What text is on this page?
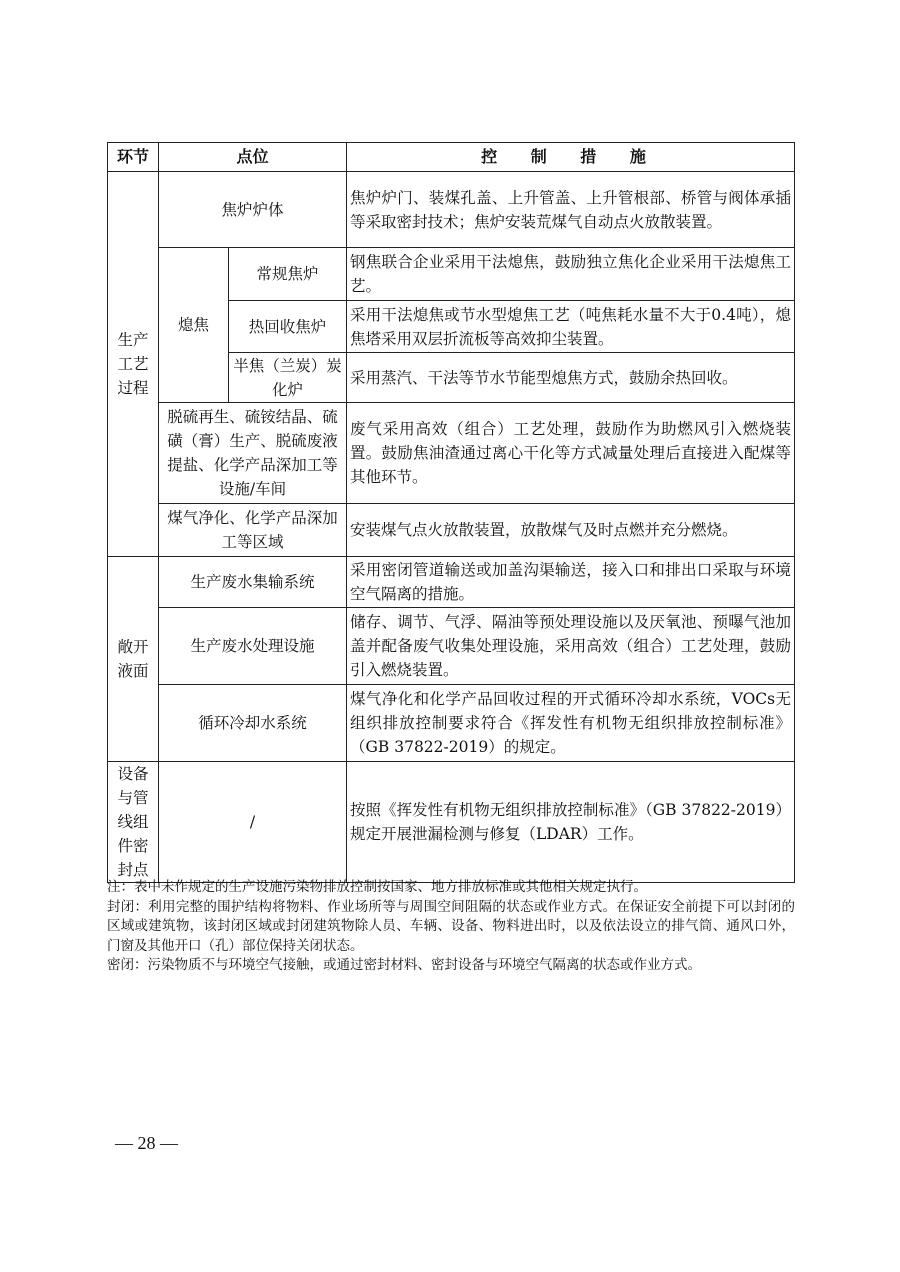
环节	点位		控 制 措 施
生产工艺过程	焦炉炉体		焦炉炉门、装煤孔盖、上升管盖、上升管根部、桥管与阀体承插等采取密封技术；焦炉安装荒煤气自动点火放散装置。
	熄焦	常规焦炉	钢焦联合企业采用干法熄焦，鼓励独立焦化企业采用干法熄焦工艺。
		热回收焦炉	采用干法熄焦或节水型熄焦工艺（吨焦耗水量不大于0.4吨），熄焦塔采用双层折流板等高效抑尘装置。
		半焦（兰炭）炭化炉	采用蒸汽、干法等节水节能型熄焦方式，鼓励余热回收。
	脱硫再生、硫铵结晶、硫磺（膏）生产、脱硫废液提盐、化学产品深加工等设施/车间		废气采用高效（组合）工艺处理，鼓励作为助燃风引入燃烧装置。鼓励焦油渣通过离心干化等方式减量处理后直接进入配煤等其他环节。
	煤气净化、化学产品深加工等区域		安装煤气点火放散装置，放散煤气及时点燃并充分燃烧。
敞开液面	生产废水集输系统		采用密闭管道输送或加盖沟渠输送，接入口和排出口采取与环境空气隔离的措施。
	生产废水处理设施		储存、调节、气浮、隔油等预处理设施以及厌氧池、预曝气池加盖并配备废气收集处理设施，采用高效（组合）工艺处理，鼓励引入燃烧装置。
	循环冷却水系统		煤气净化和化学产品回收过程的开式循环冷却水系统，VOCs无组织排放控制要求符合《挥发性有机物无组织排放控制标准》（GB 37822-2019）的规定。
设备与管线组件密封点	/		按照《挥发性有机物无组织排放控制标准》（GB 37822-2019）规定开展泄漏检测与修复（LDAR）工作。

注：表中未作规定的生产设施污染物排放控制按国家、地方排放标准或其他相关规定执行。

封闭：利用完整的围护结构将物料、作业场所等与周围空间阻隔的状态或作业方式。在保证安全前提下可以封闭的区域或建筑物，该封闭区域或封闭建筑物除人员、车辆、设备、物料进出时，以及依法设立的排气筒、通风口外，门窗及其他开口（孔）部位保持关闭状态。

密闭：污染物质不与环境空气接触，或通过密封材料、密封设备与环境空气隔离的状态或作业方式。

— 28 —
